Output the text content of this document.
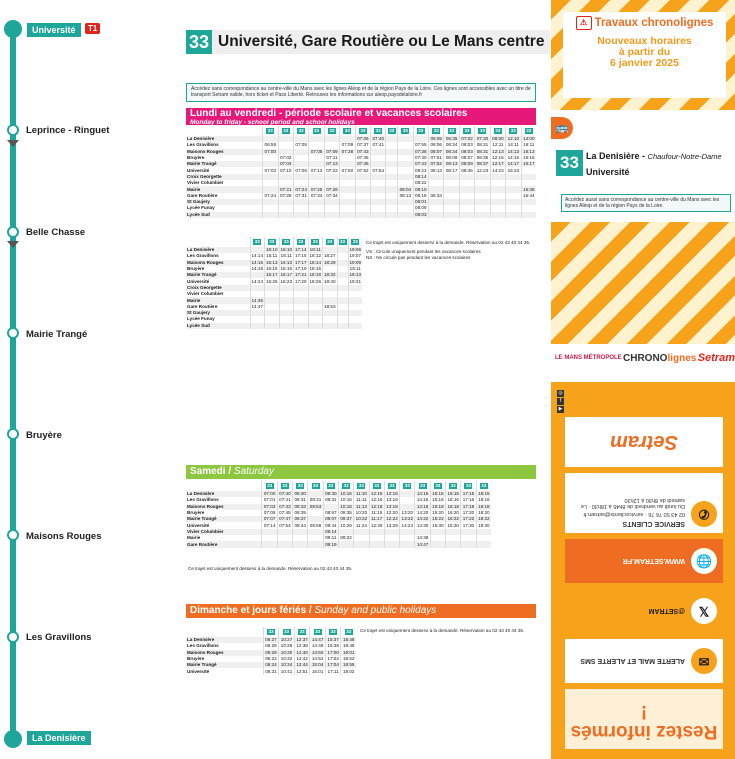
Université	T1
Leprince - Ringuet
Belle Chasse
Mairie Trangé
Bruyère
Maisons Rouges
Les Gravillons
La Denisière
33 Université, Gare Routière ou Le Mans centre
Accédez sans correspondance au centre-ville du Mans avec les lignes Aléop et de la région Pays de la Loire. Ces lignes sont accessibles avec un titre de transport Setram valide, hors ticket et Pass Liberté. Retrouvez les informations sur aleop.paysdelaloire.fr
Lundi au vendredi - période scolaire et vacances scolaires
Monday to friday - school period and school holidays
	33	33	33	33	33	33	33	33	33	33	33	33	33	33	33	33	33	33
La Denisière							07:06	07:40				06:05	06:35	07:02	07:30	08:00	12:10	14:00
Les Gravillons	06:59		07:05			07:09	07:37	07:41			07:55	08:06	08:34	08:03	08:31	12:11	14:11	16:11
Maisons Rouges	07:00			07:05	07:09	07:38	07:43				07:36	08:07	08:34	08:03	08:31	12:13	14:13	16:13
Bruyère		07:02			07:11		07:45				07:40	07:51	08:09	08:07	08:35	12:15	14:15	16:15
Mairie Trangé		07:04			07:13		07:46				07:43	07:52	08:13	08:09	08:37	12:17	14:17	16:17
Université	07:03	07:10	07:06	07:13	07:22	07:50	07:52	07:54			08:23	08:13	08:17	08:45	12:23	14:23	16:23	
Croix Georgette											08:14							
Vivier Columbier											08:22							
Mairie		07:21	07:24	07:25	07:26					08:04	08:10							16:36
Gare Routière	07:24	07:28	07:31	07:34	07:34					08:13	08:18	08:34						16:44
St Gaujery											08:01							
Lycée Funay											08:09							
Lycée Sud											08:03							
	33	33	33	33	33	33	33	33
La Denisière		15:10	16:10	17:14	18:11			19:06
Les Gravillons	14:14	15:11	16:11	17:15	18:12	18:27		19:07
Maisons Rouges	14:16	15:13	16:13	17:17	18:14	18:29		19:09
Bruyère	14:18	15:15	16:15	17:19	18:16			19:11
Mairie Trangé		15:17	16:17	17:21	18:18	18:32		19:13
Université	14:24	15:25	16:23	17:29	18:26	18:40		19:21
Croix Georgette								
Vivier Columbier								
Mairie	14:36							
Gare Routière	14:47					18:53		
St Gaujery								
Lycée Funay								
Lycée Sud								
Ce trajet est uniquement desservi à la demande. Réservation au 02 43 40 44 35.
VS : Circule uniquement pendant les vacances scolaires
NS : Ne circule pas pendant les vacances scolaires
Samedi / Saturday
	33	33	33	33	33	33	33	33	33	33	33	33	33	33	33
La Denisière	07:00	07:40	08:30		09:30	10:15	11:10	12:15	13:15		14:15	15:15	16:15	17:15	18:15
Les Gravillons	07:01	07:41	08:31	08:31	09:31	10:16	11:11	12:16	13:16		14:16	15:16	16:16	17:16	18:16
Maisons Rouges	07:03	07:43	08:33	08:53		10:18	11:13	12:18	13:18		14:18	15:18	16:18	17:18	18:18
Bruyère	07:05	07:45	08:35		08:57	09:35	10:20	11:15	12:20	13:20	14:20	15:20	16:20	17:20	18:20
Mairie Trangé	07:07	07:47	08:37		09:07	09:37	10:22	11:17	12:22	13:22	14:22	15:22	16:22	17:22	18:22
Université	07:14	07:54	08:44	08:58	09:44	10:29	11:24	12:29	13:29	14:24	14:30	15:30	16:30	17:30	18:30
Vivier Columbier					09:14										
Mairie					09:11	09:22					14:38				
Gare Routière					09:19						14:47				
Ce trajet est uniquement desservi à la demande. Réservation au 02 43 40 44 35.
Dimanche et jours fériés / Sunday and public holidays
	33	33	33	33	33	33
La Denisière	06:27	10:27	12:37	14:47	15:37	18:48
Les Gravillons	06:28	10:28	12:38	14:48	16:38	18:49
Maisons Rouges	06:29	10:30	12:40	14:50	17:00	19:01
Bruyère	06:22	10:32	12:42	14:52	17:02	18:53
Mairie Trangé	06:24	10:34	12:44	15:04	17:04	18:55
Université	06:31	10:41	12:51	15:01	17:11	19:02
Ce trajet est uniquement desservi à la demande. Réservation au 02 43 40 44 35.
⚠ Travaux chronolignes
Nouveaux horaires
à partir du
6 janvier 2025
🚌
33 La Denisière - Chaufour-Notre-Dame
Université
Accédez aussi sans correspondance au centre-ville du Mans avec les lignes Aléop et de la région Pays de la Loire.
LE MANS MÉTROPOLE CHRONOlignes Setram
Restez informés !
✉
ALERTE MAIL ET ALERTE SMS
𝕏
@SETRAM
🌐
WWW.SETRAM.FR
✆
SERVICE CLIENTS
02 43 50 76 76 · serviceclients@setram.fr
Du lundi au vendredi de 8h45 à 18h30 · Le samedi de 8h30 à 12h30
Setram
◎
f
▶
